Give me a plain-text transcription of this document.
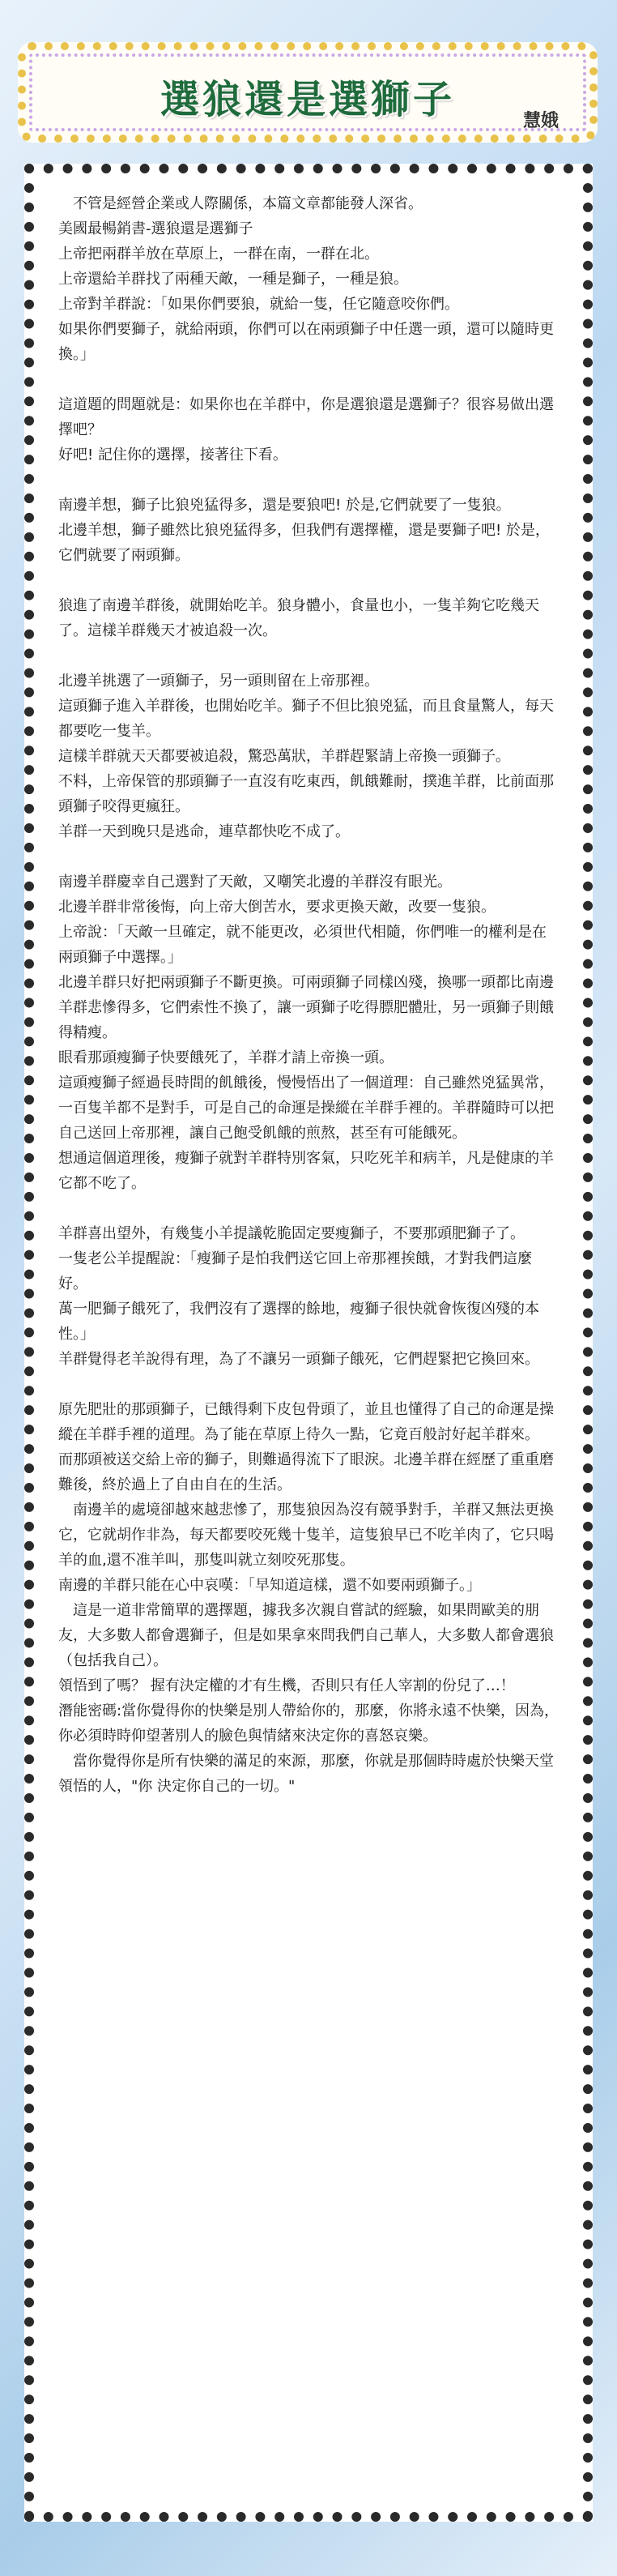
選狼還是選獅子	慧娥

　不管是經營企業或人際關係，本篇文章都能發人深省。

美國最暢銷書-選狼還是選獅子

上帝把兩群羊放在草原上，一群在南，一群在北。

上帝還給羊群找了兩種天敵，一種是獅子，一種是狼。

上帝對羊群說：「如果你們要狼，就給一隻，任它隨意咬你們。

如果你們要獅子，就給兩頭，你們可以在兩頭獅子中任選一頭，還可以隨時更換。」

這道題的問題就是：如果你也在羊群中，你是選狼還是選獅子？很容易做出選擇吧？

好吧! 記住你的選擇，接著往下看。

南邊羊想，獅子比狼兇猛得多，還是要狼吧! 於是,它們就要了一隻狼。

北邊羊想，獅子雖然比狼兇猛得多，但我們有選擇權，還是要獅子吧! 於是，它們就要了兩頭獅。

狼進了南邊羊群後，就開始吃羊。狼身體小，食量也小，一隻羊夠它吃幾天了。這樣羊群幾天才被追殺一次。

北邊羊挑選了一頭獅子，另一頭則留在上帝那裡。

這頭獅子進入羊群後，也開始吃羊。獅子不但比狼兇猛，而且食量驚人，每天都要吃一隻羊。

這樣羊群就天天都要被追殺，驚恐萬狀，羊群趕緊請上帝換一頭獅子。

不料，上帝保管的那頭獅子一直沒有吃東西，飢餓難耐，撲進羊群，比前面那頭獅子咬得更瘋狂。

羊群一天到晚只是逃命，連草都快吃不成了。

南邊羊群慶幸自己選對了天敵，又嘲笑北邊的羊群沒有眼光。

北邊羊群非常後悔，向上帝大倒苦水，要求更換天敵，改要一隻狼。

上帝說：「天敵一旦確定，就不能更改，必須世代相隨，你們唯一的權利是在兩頭獅子中選擇。」

北邊羊群只好把兩頭獅子不斷更換。可兩頭獅子同樣凶殘，換哪一頭都比南邊羊群悲慘得多，它們索性不換了，讓一頭獅子吃得膘肥體壯，另一頭獅子則餓得精瘦。

眼看那頭瘦獅子快要餓死了，羊群才請上帝換一頭。

這頭瘦獅子經過長時間的飢餓後，慢慢悟出了一個道理：自己雖然兇猛異常，一百隻羊都不是對手，可是自己的命運是操縱在羊群手裡的。羊群隨時可以把自己送回上帝那裡，讓自己飽受飢餓的煎熬，甚至有可能餓死。

想通這個道理後，瘦獅子就對羊群特別客氣，只吃死羊和病羊，凡是健康的羊它都不吃了。

羊群喜出望外，有幾隻小羊提議乾脆固定要瘦獅子，不要那頭肥獅子了。

一隻老公羊提醒說：「瘦獅子是怕我們送它回上帝那裡挨餓，才對我們這麼好。

萬一肥獅子餓死了，我們沒有了選擇的餘地，瘦獅子很快就會恢復凶殘的本性。」

羊群覺得老羊說得有理，為了不讓另一頭獅子餓死，它們趕緊把它換回來。

原先肥壯的那頭獅子，已餓得剩下皮包骨頭了，並且也懂得了自己的命運是操縱在羊群手裡的道理。為了能在草原上待久一點，它竟百般討好起羊群來。

而那頭被送交給上帝的獅子，則難過得流下了眼淚。北邊羊群在經歷了重重磨難後，終於過上了自由自在的生活。

　南邊羊的處境卻越來越悲慘了，那隻狼因為沒有競爭對手，羊群又無法更換它，它就胡作非為，每天都要咬死幾十隻羊，這隻狼早已不吃羊肉了，它只喝羊的血,還不准羊叫，那隻叫就立刻咬死那隻。

南邊的羊群只能在心中哀嘆：「早知道這樣，還不如要兩頭獅子。」

　這是一道非常簡單的選擇題，據我多次親自嘗試的經驗，如果問歐美的朋友，大多數人都會選獅子，但是如果拿來問我們自己華人，大多數人都會選狼（包括我自己）。

領悟到了嗎？ 握有決定權的才有生機，否則只有任人宰割的份兒了…！

潛能密碼:當你覺得你的快樂是別人帶給你的，那麼，你將永遠不快樂，因為，你必須時時仰望著別人的臉色與情緒來決定你的喜怒哀樂。

　當你覺得你是所有快樂的滿足的來源，那麼，你就是那個時時處於快樂天堂領悟的人，"你 決定你自己的一切。"
